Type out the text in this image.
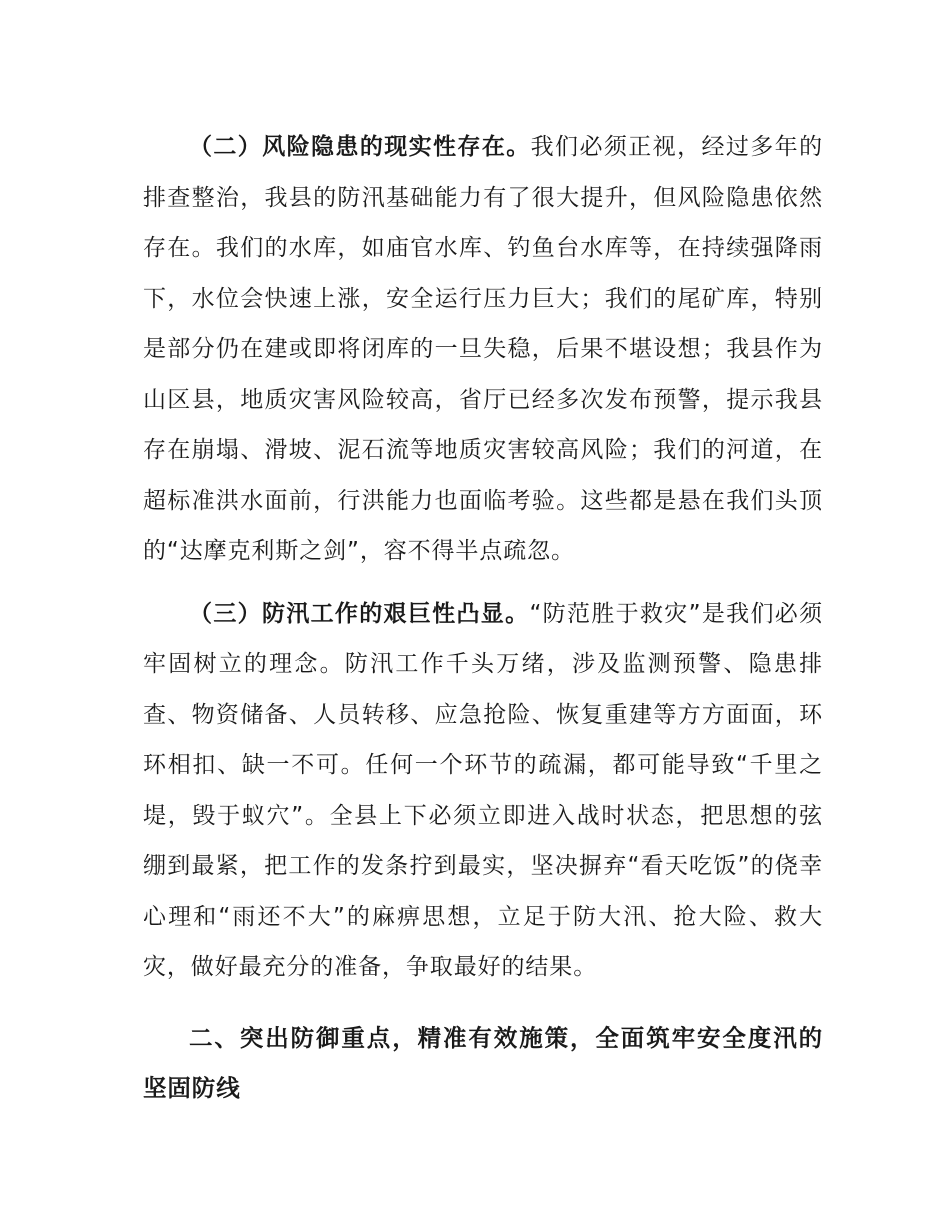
（二）风险隐患的现实性存在。我们必须正视，经过多年的排查整治，我县的防汛基础能力有了很大提升，但风险隐患依然存在。我们的水库，如庙官水库、钓鱼台水库等，在持续强降雨下，水位会快速上涨，安全运行压力巨大；我们的尾矿库，特别是部分仍在建或即将闭库的一旦失稳，后果不堪设想；我县作为山区县，地质灾害风险较高，省厅已经多次发布预警，提示我县存在崩塌、滑坡、泥石流等地质灾害较高风险；我们的河道，在超标准洪水面前，行洪能力也面临考验。这些都是悬在我们头顶的“达摩克利斯之剑”，容不得半点疏忽。

（三）防汛工作的艰巨性凸显。“防范胜于救灾”是我们必须牢固树立的理念。防汛工作千头万绪，涉及监测预警、隐患排查、物资储备、人员转移、应急抢险、恢复重建等方方面面，环环相扣、缺一不可。任何一个环节的疏漏，都可能导致“千里之堤，毁于蚁穴”。全县上下必须立即进入战时状态，把思想的弦绷到最紧，把工作的发条拧到最实，坚决摒弃“看天吃饭”的侥幸心理和“雨还不大”的麻痹思想，立足于防大汛、抢大险、救大灾，做好最充分的准备，争取最好的结果。

二、突出防御重点，精准有效施策，全面筑牢安全度汛的坚固防线
